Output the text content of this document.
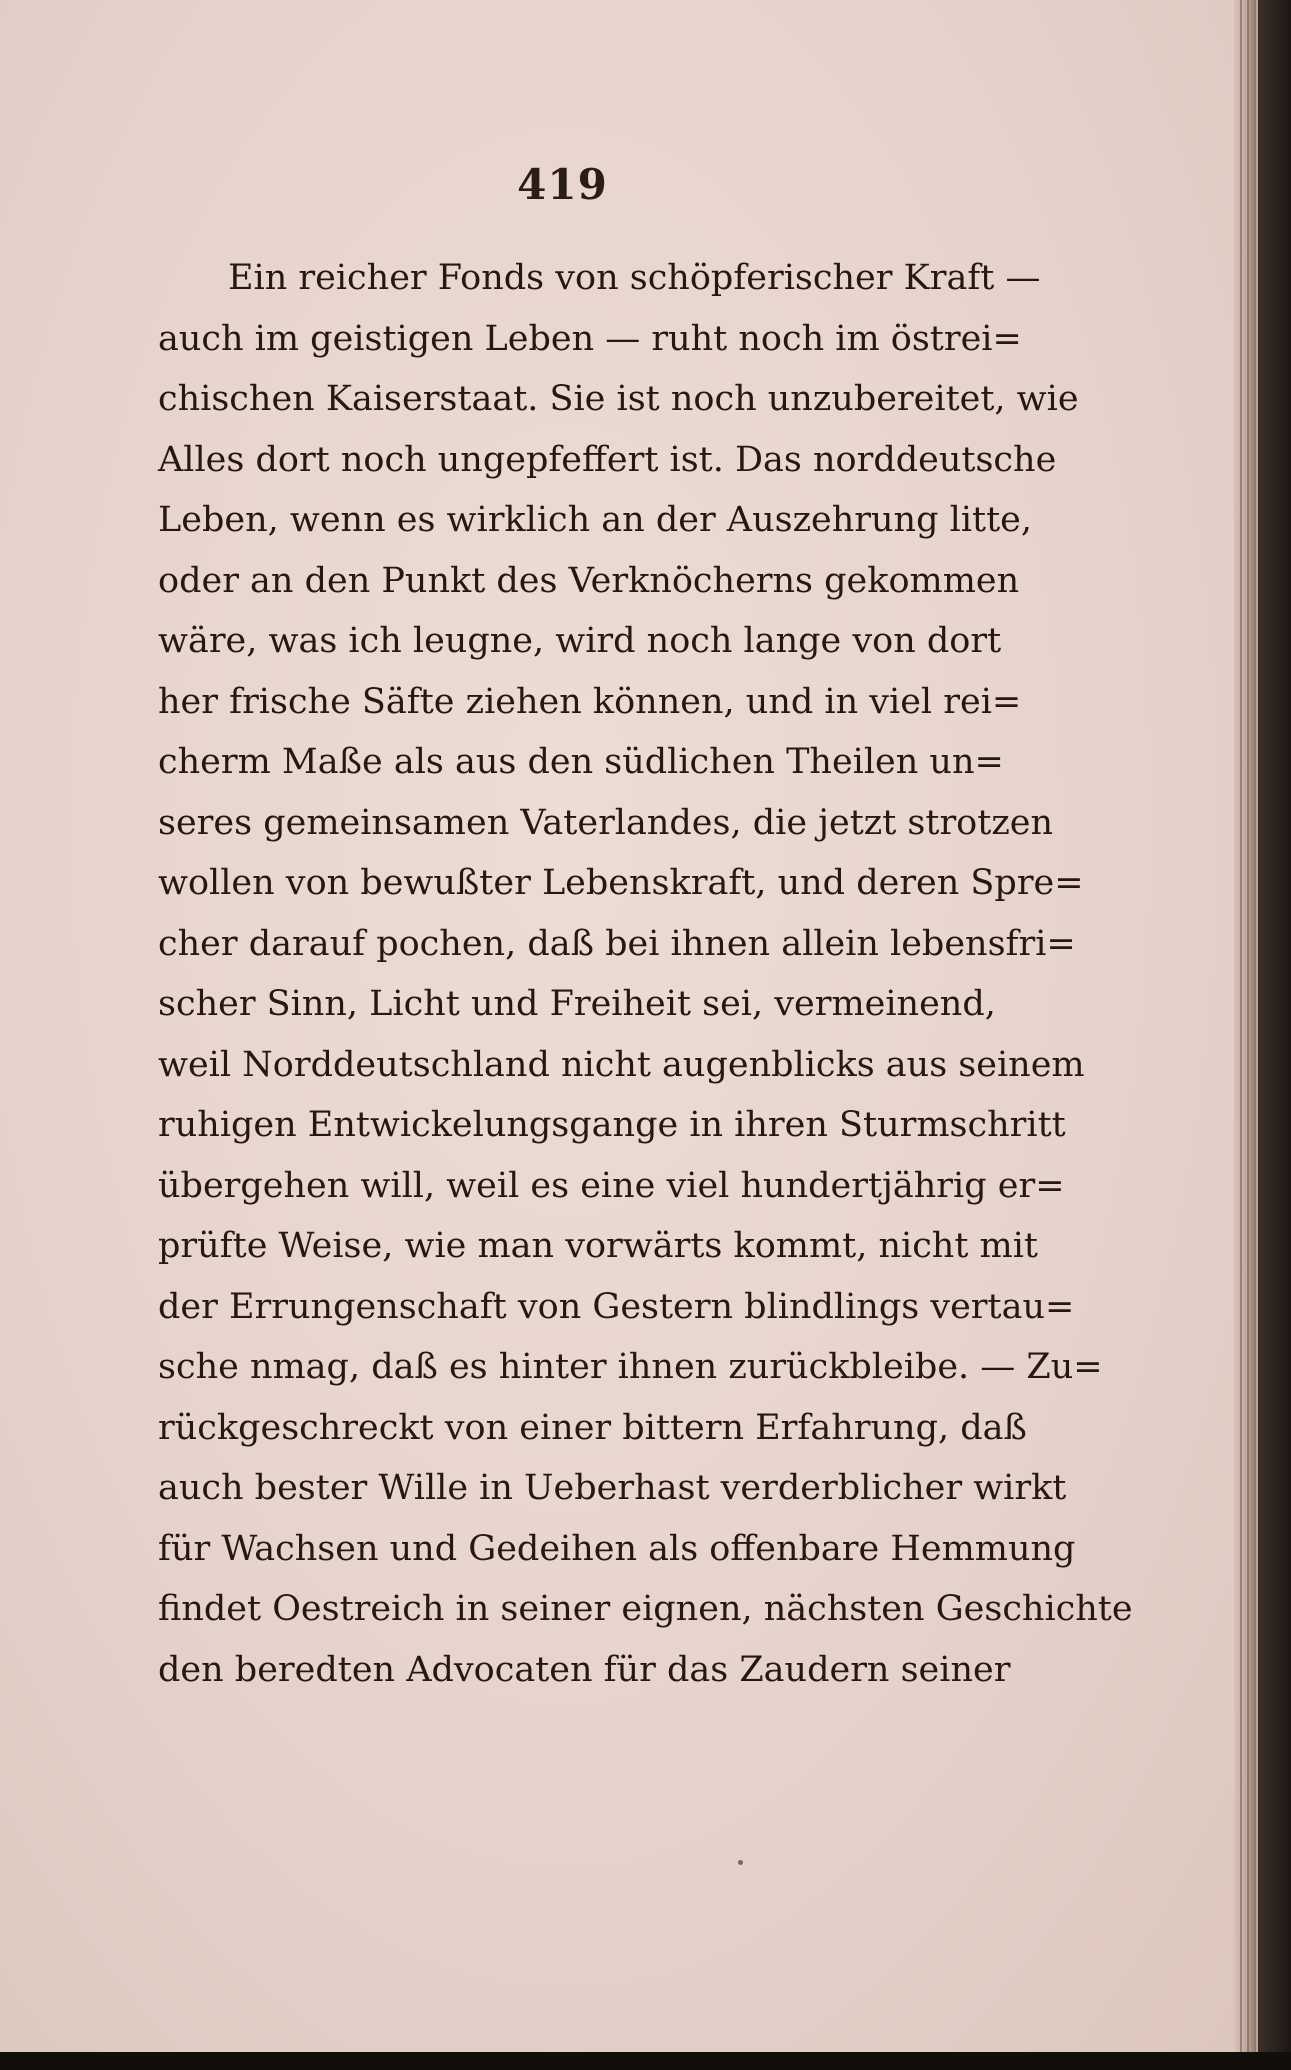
419
Ein reicher Fonds von schöpferischer Kraft —
auch im geistigen Leben — ruht noch im östrei=
chischen Kaiserstaat. Sie ist noch unzubereitet, wie
Alles dort noch ungepfeffert ist. Das norddeutsche
Leben, wenn es wirklich an der Auszehrung litte,
oder an den Punkt des Verknöcherns gekommen
wäre, was ich leugne, wird noch lange von dort
her frische Säfte ziehen können, und in viel rei=
cherm Maße als aus den südlichen Theilen un=
seres gemeinsamen Vaterlandes, die jetzt strotzen
wollen von bewußter Lebenskraft, und deren Spre=
cher darauf pochen, daß bei ihnen allein lebensfri=
scher Sinn, Licht und Freiheit sei, vermeinend,
weil Norddeutschland nicht augenblicks aus seinem
ruhigen Entwickelungsgange in ihren Sturmschritt
übergehen will, weil es eine viel hundertjährig er=
prüfte Weise, wie man vorwärts kommt, nicht mit
der Errungenschaft von Gestern blindlings vertau=
sche nmag, daß es hinter ihnen zurückbleibe. — Zu=
rückgeschreckt von einer bittern Erfahrung, daß
auch bester Wille in Ueberhast verderblicher wirkt
für Wachsen und Gedeihen als offenbare Hemmung
findet Oestreich in seiner eignen, nächsten Geschichte
den beredten Advocaten für das Zaudern seiner
